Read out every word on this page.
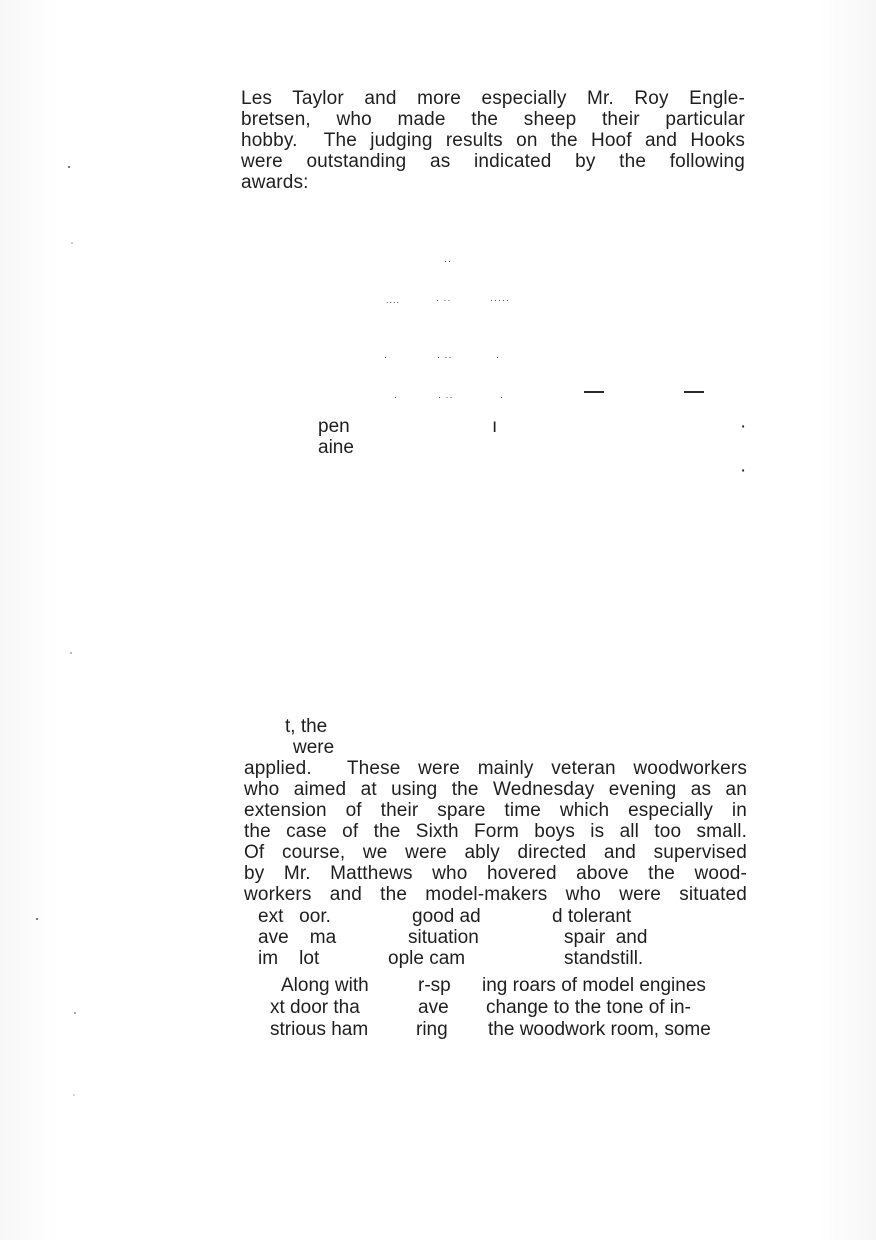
Les Taylor and more especially Mr. Roy Engle-
bretsen, who made the sheep their particular
hobby.  The judging results on the Hoof and Hooks
were outstanding as indicated by the following
awards:
··
....	· ··	·····
·	· ··	·
·	· ··	·
pen
aine
ı	·
·
t, the
were
applied.  These were mainly veteran woodworkers
who aimed at using the Wednesday evening as an
extension of their spare time which especially in
the case of the Sixth Form boys is all too small.
Of course, we were ably directed and supervised
by Mr. Matthews who hovered above the wood-
workers and the model-makers who were situated
ext   oor.	good ad	d tolerant
ave    ma	situation	spair  and
im    lot	ople cam	standstill.
Along with	r-sp ing roars of model engines
xt door tha	ave change to the tone of in-
strious ham	ring the woodwork room, some
